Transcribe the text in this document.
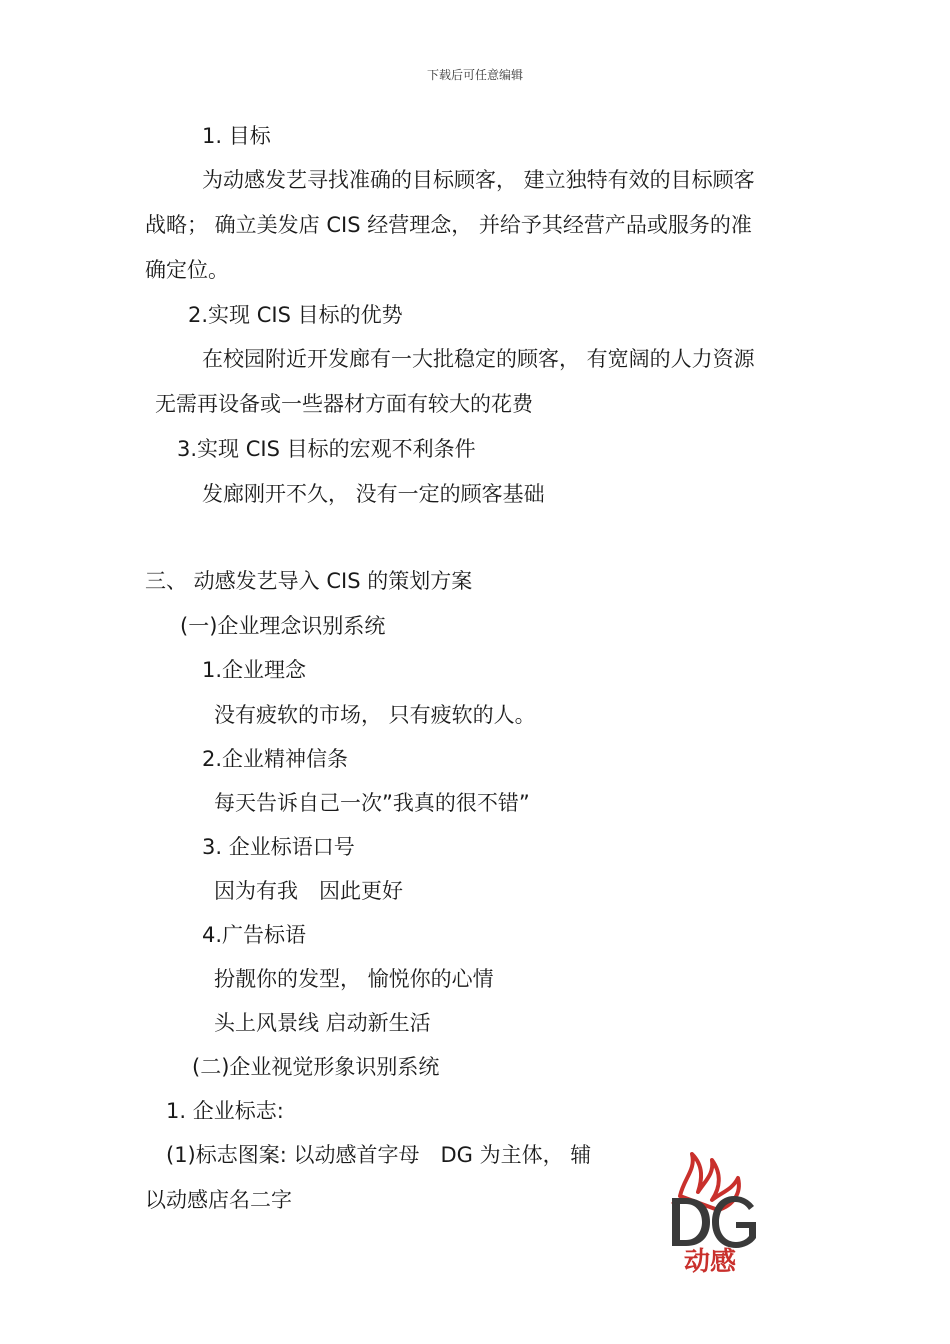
下载后可任意编辑
1. 目标
为动感发艺寻找准确的目标顾客， 建立独特有效的目标顾客
战略； 确立美发店 CIS 经营理念， 并给予其经营产品或服务的准
确定位。
2.实现 CIS 目标的优势
在校园附近开发廊有一大批稳定的顾客， 有宽阔的人力资源
无需再设备或一些器材方面有较大的花费
3.实现 CIS 目标的宏观不利条件
发廊刚开不久， 没有一定的顾客基础
三、 动感发艺导入 CIS 的策划方案
(一)企业理念识别系统
1.企业理念
没有疲软的市场， 只有疲软的人。
2.企业精神信条
每天告诉自己一次”我真的很不错”
3. 企业标语口号
因为有我　因此更好
4.广告标语
扮靓你的发型， 愉悦你的心情
头上风景线 启动新生活
(二)企业视觉形象识别系统
1. 企业标志:
(1)标志图案: 以动感首字母　DG 为主体， 辅
以动感店名二字
动感
